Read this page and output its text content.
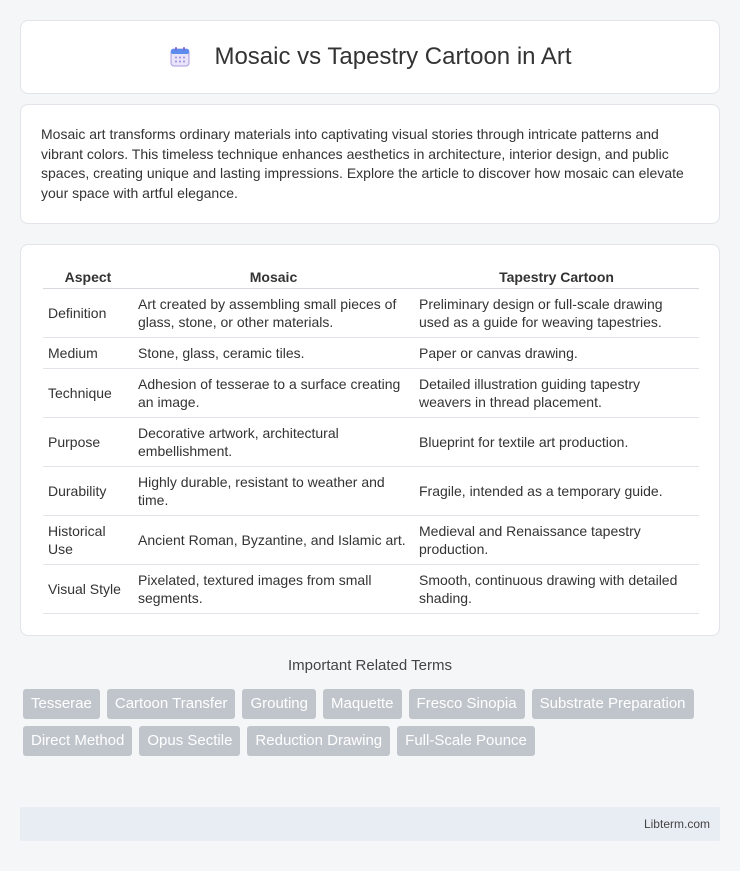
Mosaic vs Tapestry Cartoon in Art

Mosaic art transforms ordinary materials into captivating visual stories through intricate patterns and vibrant colors. This timeless technique enhances aesthetics in architecture, interior design, and public spaces, creating unique and lasting impressions. Explore the article to discover how mosaic can elevate your space with artful elegance.

Aspect	Mosaic	Tapestry Cartoon
Definition	Art created by assembling small pieces of glass, stone, or other materials.	Preliminary design or full-scale drawing used as a guide for weaving tapestries.
Medium	Stone, glass, ceramic tiles.	Paper or canvas drawing.
Technique	Adhesion of tesserae to a surface creating an image.	Detailed illustration guiding tapestry weavers in thread placement.
Purpose	Decorative artwork, architectural embellishment.	Blueprint for textile art production.
Durability	Highly durable, resistant to weather and time.	Fragile, intended as a temporary guide.
Historical Use	Ancient Roman, Byzantine, and Islamic art.	Medieval and Renaissance tapestry production.
Visual Style	Pixelated, textured images from small segments.	Smooth, continuous drawing with detailed shading.
Important Related Terms
Tesserae	Cartoon Transfer	Grouting	Maquette	Fresco Sinopia	Substrate Preparation
Direct Method	Opus Sectile	Reduction Drawing	Full-Scale Pounce
Libterm.com
